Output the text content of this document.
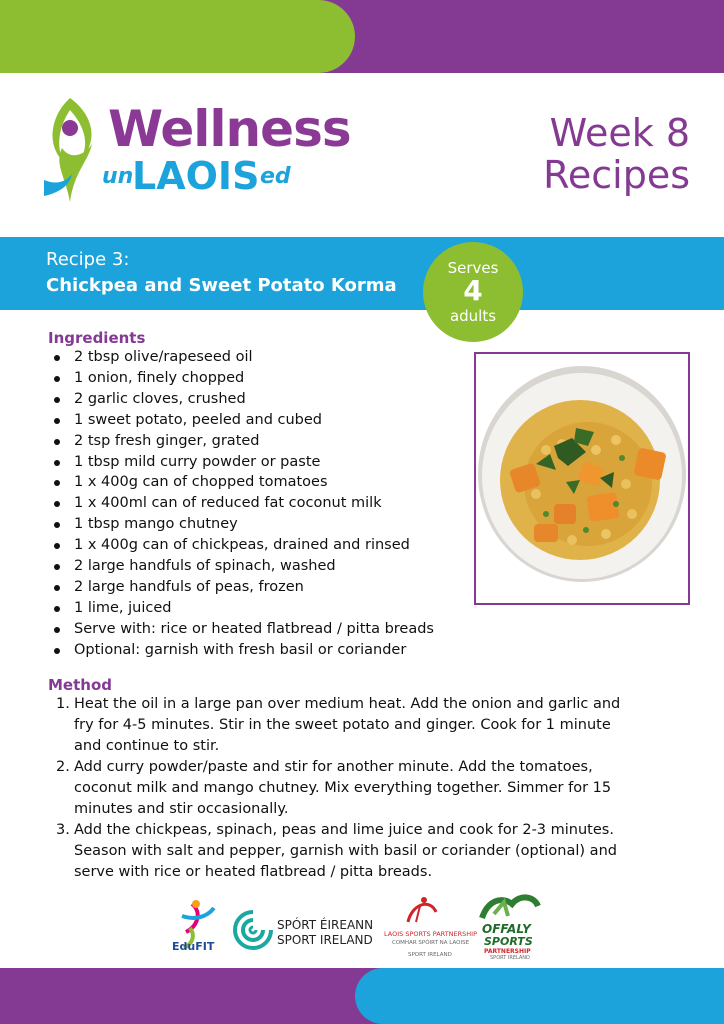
Wellness
un
LAOIS ed
Week 8
Recipes
Recipe 3:
Chickpea and Sweet Potato Korma
Serves
4
adults
Ingredients
2 tbsp olive/rapeseed oil
1 onion, finely chopped
2 garlic cloves, crushed
1 sweet potato, peeled and cubed
2 tsp fresh ginger, grated
1 tbsp mild curry powder or paste
1 x 400g can of chopped tomatoes
1 x 400ml can of reduced fat coconut milk
1 tbsp mango chutney
1 x 400g can of chickpeas, drained and rinsed
2 large handfuls of spinach, washed
2 large handfuls of peas, frozen
1 lime, juiced
Serve with: rice or heated flatbread / pitta breads
Optional: garnish with fresh basil or coriander
Method
1. Heat the oil in a large pan over medium heat. Add the onion and garlic and fry for 4-5 minutes. Stir in the sweet potato and ginger. Cook for 1 minute and continue to stir.
2. Add curry powder/paste and stir for another minute. Add the tomatoes, coconut milk and mango chutney. Mix everything together. Simmer for 15 minutes and stir occasionally.
3. Add the chickpeas, spinach, peas and lime juice and cook for 2-3 minutes. Season with salt and pepper, garnish with basil or coriander (optional) and serve with rice or heated flatbread / pitta breads.
EduFIT
SPÓRT ÉIREANN
SPORT IRELAND LAOIS SPORTS PARTNERSHIP
COMHAR SPÓIRT NA LAOISE
SPORT IRELAND
OFFALY
SPORTS
PARTNERSHIP
SPORT IRELAND
